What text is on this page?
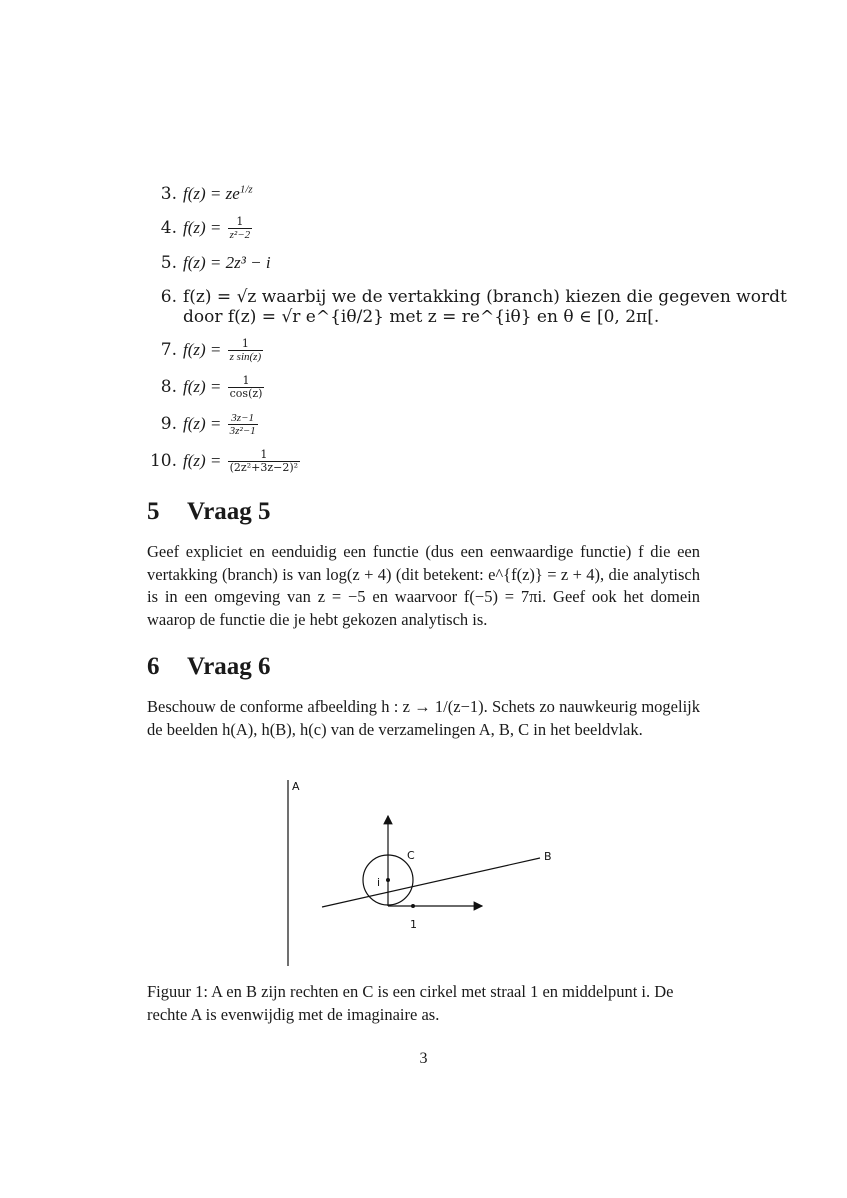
3. $f(z) = ze^{1/z}$
4. $f(z) = \frac{1}{\text{z²−2}}$
5. f(z) = 2z³ − i
6. f(z) = √z waarbij we de vertakking (branch) kiezen die gegeven wordt
door f(z) = √r e^{iθ/2} met z = re^{iθ} en θ ∈ [0, 2π[.
7. $f(z) = \frac{1}{\text{z sin(z)}}$
8. $f(z) = \frac{1}{\cos(z)}$
9. $f(z) = \frac{3z-1}{\text{3z²−1}}$
10. $f(z) = \frac{1}{\text{(2z²+3z−2)²}}$
5 Vraag 5
Geef expliciet en eenduidig een functie (dus een eenwaardige functie) f die een vertakking (branch) is van log(z + 4) (dit betekent: e^{f(z)} = z + 4), die analytisch is in een omgeving van z = −5 en waarvoor f(−5) = 7πi. Geef ook het domein waarop de functie die je hebt gekozen analytisch is.
6 Vraag 6
Beschouw de conforme afbeelding h : z → 1/(z−1). Schets zo nauwkeurig mogelijk de beelden h(A), h(B), h(c) van de verzamelingen A, B, C in het beeldvlak.
A
C	B
i
1
Figuur 1: A en B zijn rechten en C is een cirkel met straal 1 en middelpunt i. De rechte A is evenwijdig met de imaginaire as.
3
